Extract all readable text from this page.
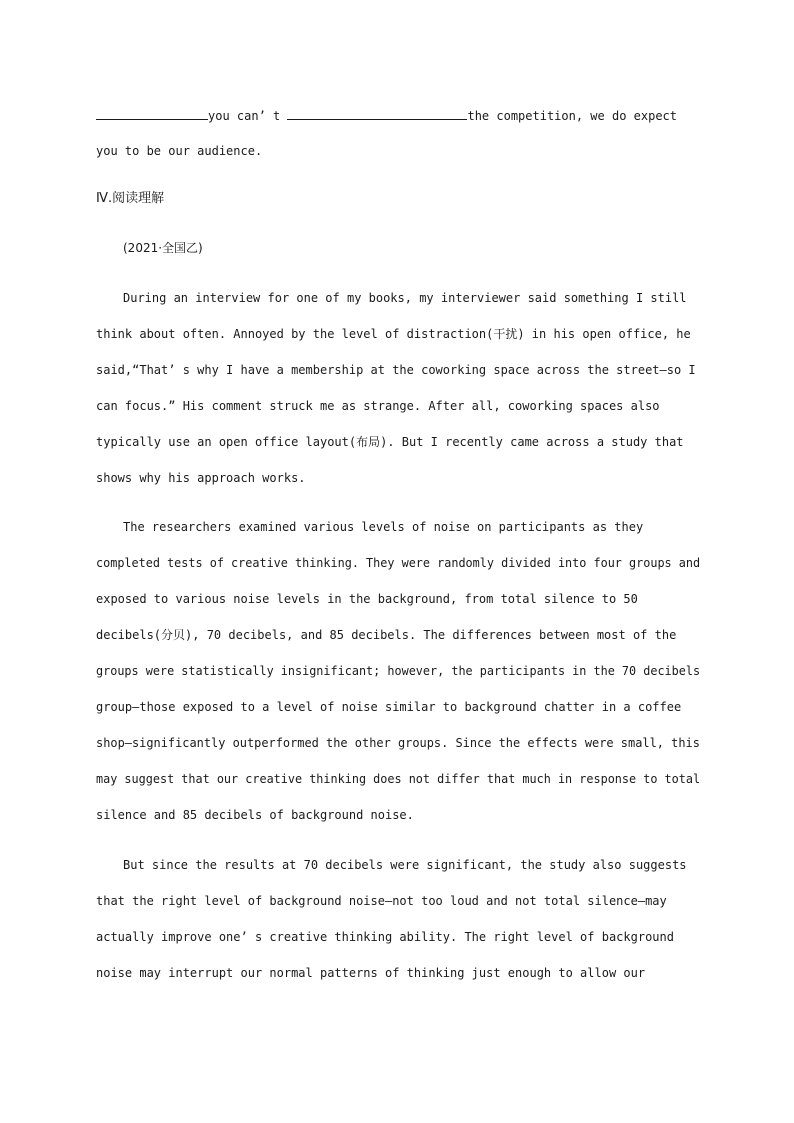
you can’ t	the competition, we do expect
you to be our audience.
Ⅳ.阅读理解
(2021·全国乙)
During an interview for one of my books, my interviewer said something I still
think about often. Annoyed by the level of distraction(干扰) in his open office, he
said,“That’ s why I have a membership at the coworking space across the street—so I
can focus.” His comment struck me as strange. After all, coworking spaces also
typically use an open office layout(布局). But I recently came across a study that
shows why his approach works.
The researchers examined various levels of noise on participants as they
completed tests of creative thinking. They were randomly divided into four groups and
exposed to various noise levels in the background, from total silence to 50
decibels(分贝), 70 decibels, and 85 decibels. The differences between most of the
groups were statistically insignificant; however, the participants in the 70 decibels
group—those exposed to a level of noise similar to background chatter in a coffee
shop—significantly outperformed the other groups. Since the effects were small, this
may suggest that our creative thinking does not differ that much in response to total
silence and 85 decibels of background noise.
But since the results at 70 decibels were significant, the study also suggests
that the right level of background noise—not too loud and not total silence—may
actually improve one’ s creative thinking ability. The right level of background
noise may interrupt our normal patterns of thinking just enough to allow our
